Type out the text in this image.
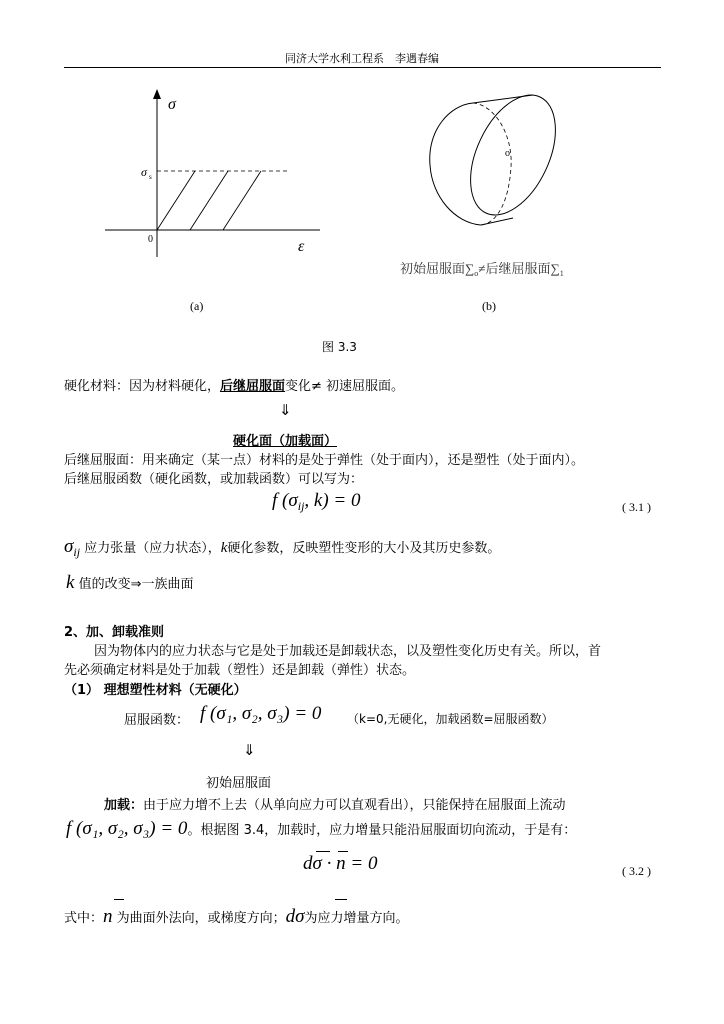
同济大学水利工程系　李遇春编
σ
σ s
0	ε
o
初始屈服面$\sum_o\ne$后继屈服面$\sum_1$
(a)	(b)
图 3.3
硬化材料：因为材料硬化，后继屈服面变化≠ 初速屈服面。
⇓
硬化面（加载面）
后继屈服面：用来确定（某一点）材料的是处于弹性（处于面内），还是塑性（处于面内）。
后继屈服函数（硬化函数，或加载函数）可以写为：
f ($\sigma_{ij}$, k) = 0	( 3.1 )
σij 应力张量（应力状态），k硬化参数，反映塑性变形的大小及其历史参数。
k 值的改变⇒一族曲面
2、加、卸载准则
因为物体内的应力状态与它是处于加载还是卸载状态，以及塑性变化历史有关。所以，首
先必须确定材料是处于加载（塑性）还是卸载（弹性）状态。
（1） 理想塑性材料（无硬化）
屈服函数： f (σ₁, σ₂, σ₃) = 0 （k=0,无硬化，加载函数=屈服函数）
⇓
初始屈服面
加载：由于应力增不上去（从单向应力可以直观看出），只能保持在屈服面上流动
f (σ₁, σ₂, σ₃) = 0。根据图 3.4，加载时，应力增量只能沿屈服面切向流动，于是有：
dσ · n = 0	( 3.2 )
式中：n 为曲面外法向，或梯度方向；dσ为应力增量方向。
